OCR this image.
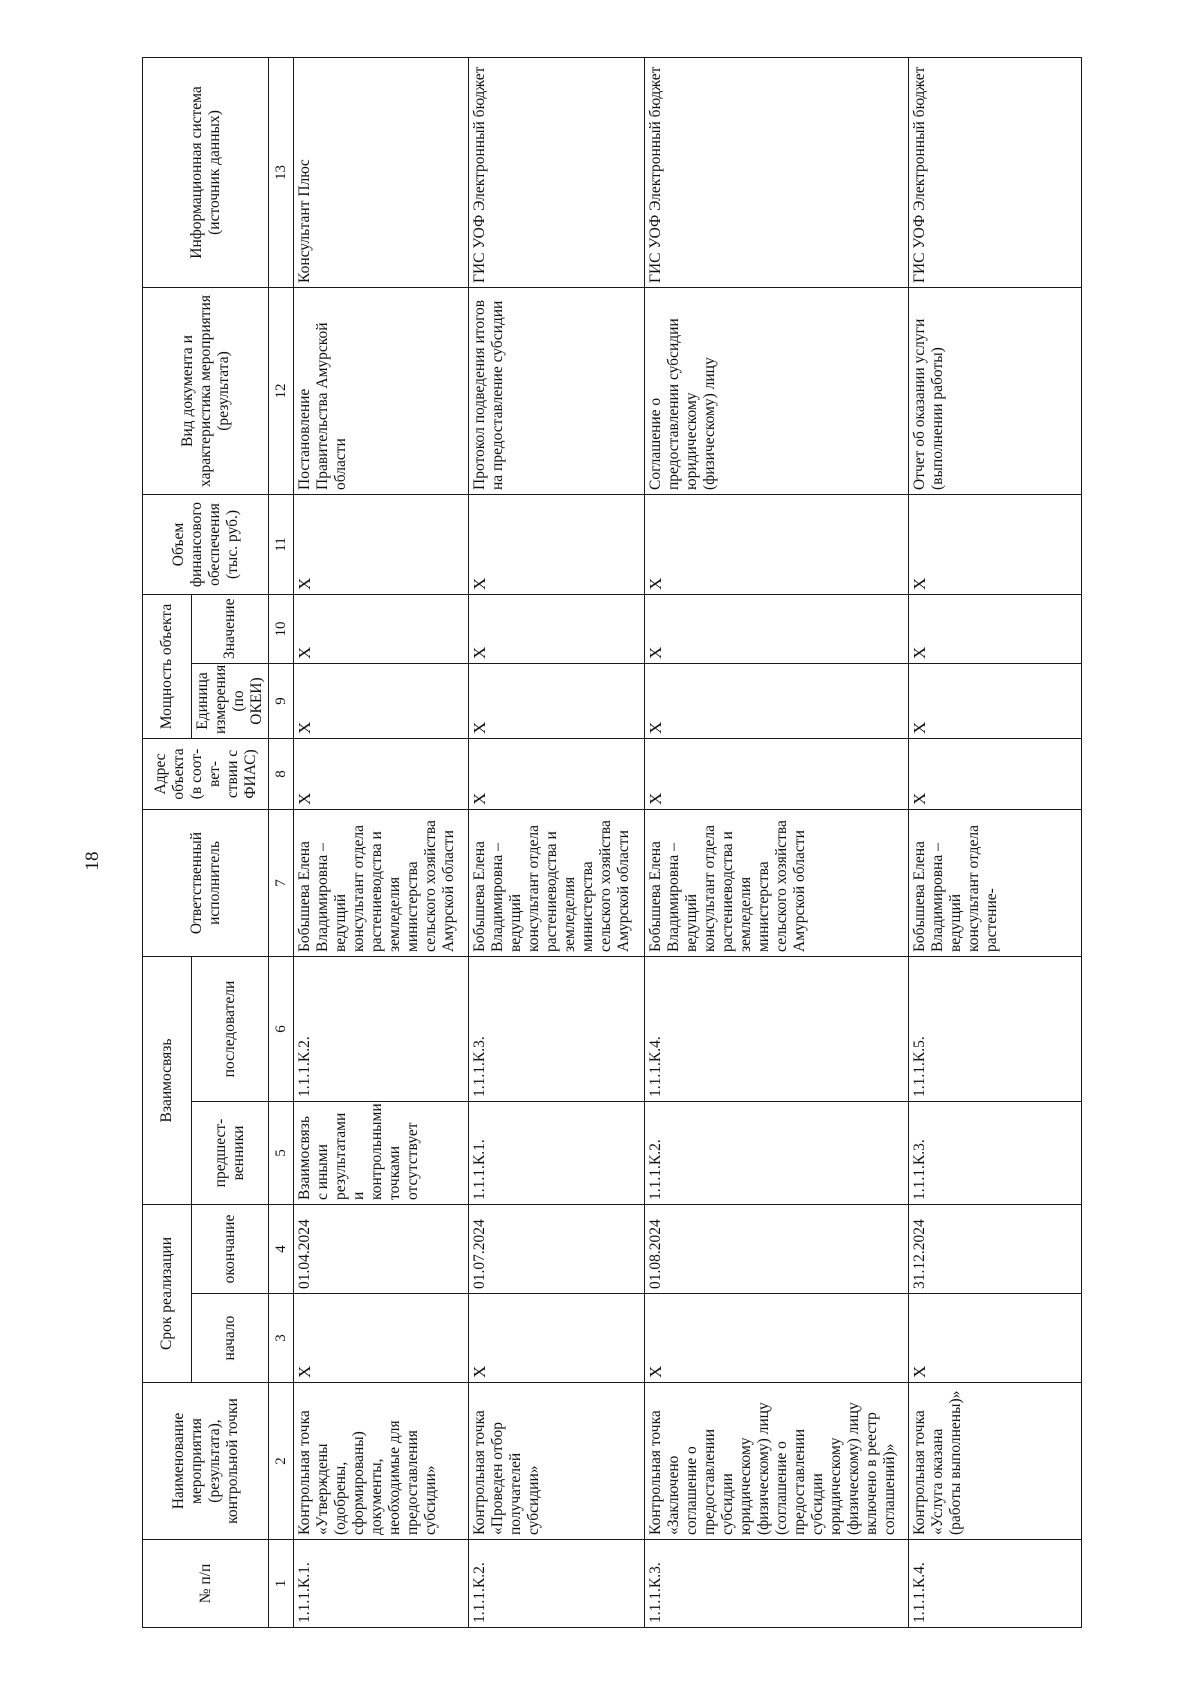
18
№ п/п	Наименование мероприятия (результата), контрольной точки	Срок реализации		Взаимосвязь		Ответственный исполнитель	Адрес объекта (в соот-вет-ствии с ФИАС)	Мощность объекта		Объем финансового обеспечения (тыс. руб.)	Вид документа и характеристика мероприятия (результата)	Информационная система (источник данных)
								Единица измерения (по ОКЕИ)	Значение			
		начало	окончание	предшест-венники	последователи							
1	2	3	4	5	6	7	8	9	10	11	12	13
1.1.1.К.1.	Контрольная точка «Утверждены (одобрены, сформированы) документы, необходимые для предоставления субсидии»	X	01.04.2024	Взаимосвязь с иными результатами и контрольными точками отсутствует	1.1.1.К.2.	Бобышева Елена Владимировна –ведущий консультант отдела растениеводства и земледелия министерства сельского хозяйства Амурской области	X	X	X	X	Постановление Правительства Амурской области	Консультант Плюс
1.1.1.К.2.	Контрольная точка «Проведен отбор получателей субсидии»	X	01.07.2024	1.1.1.К.1.	1.1.1.К.3.	Бобышева Елена Владимировна –ведущий консультант отдела растениеводства и земледелия министерства сельского хозяйства Амурской области	X	X	X	X	Протокол подведения итогов на предоставление субсидии	ГИС УОФ Электронный бюджет
1.1.1.К.3.	Контрольная точка «Заключено соглашение о предоставлении субсидии юридическому (физическому) лицу (соглашение о предоставлении субсидии юридическому (физическому) лицу включено в реестр соглашений)»	X	01.08.2024	1.1.1.К.2.	1.1.1.К.4.	Бобышева Елена Владимировна –ведущий консультант отдела растениеводства и земледелия министерства сельского хозяйства Амурской области	X	X	X	X	Соглашение о предоставлении субсидии юридическому (физическому) лицу	ГИС УОФ Электронный бюджет
1.1.1.К.4.	Контрольная точка «Услуга оказана (работы выполнены)»	X	31.12.2024	1.1.1.К.3.	1.1.1.К.5.	Бобышева Елена Владимировна –ведущий консультант отдела растение-	X	X	X	X	Отчет об оказании услуги (выполнении работы)	ГИС УОФ Электронный бюджет
